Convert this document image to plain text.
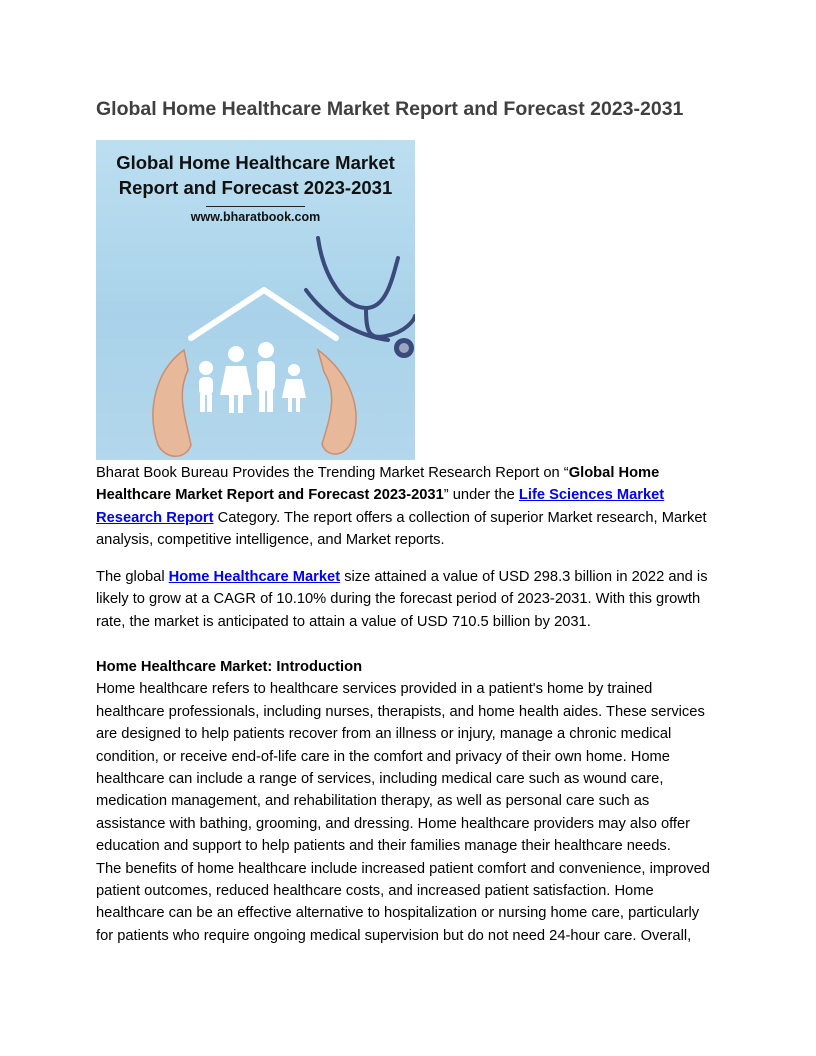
Global Home Healthcare Market Report and Forecast 2023-2031
Global Home Healthcare Market
Report and Forecast 2023-2031
www.bharatbook.com

Bharat Book Bureau Provides the Trending Market Research Report on “Global Home Healthcare Market Report and Forecast 2023-2031” under the Life Sciences Market Research Report Category. The report offers a collection of superior Market research, Market analysis, competitive intelligence, and Market reports.

The global Home Healthcare Market size attained a value of USD 298.3 billion in 2022 and is likely to grow at a CAGR of 10.10% during the forecast period of 2023-2031. With this growth rate, the market is anticipated to attain a value of USD 710.5 billion by 2031.

Home Healthcare Market: Introduction

Home healthcare refers to healthcare services provided in a patient's home by trained healthcare professionals, including nurses, therapists, and home health aides. These services are designed to help patients recover from an illness or injury, manage a chronic medical condition, or receive end-of-life care in the comfort and privacy of their own home. Home healthcare can include a range of services, including medical care such as wound care, medication management, and rehabilitation therapy, as well as personal care such as assistance with bathing, grooming, and dressing. Home healthcare providers may also offer education and support to help patients and their families manage their healthcare needs.

The benefits of home healthcare include increased patient comfort and convenience, improved patient outcomes, reduced healthcare costs, and increased patient satisfaction. Home healthcare can be an effective alternative to hospitalization or nursing home care, particularly for patients who require ongoing medical supervision but do not need 24-hour care. Overall,
